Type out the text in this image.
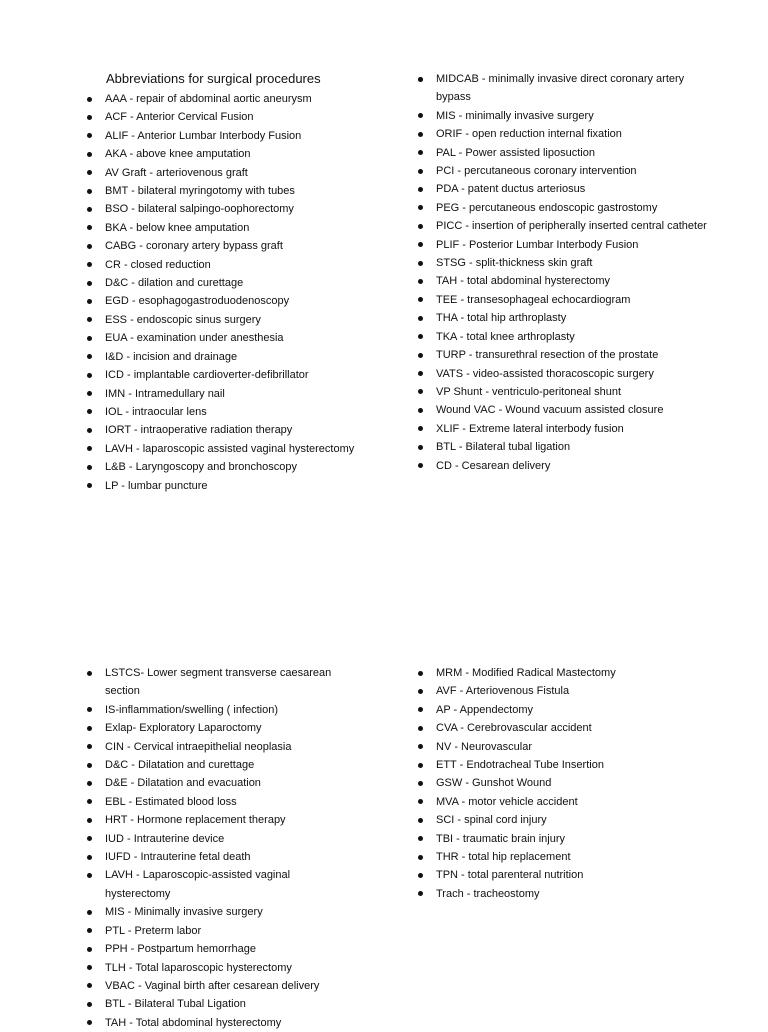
Abbreviations for surgical procedures
AAA - repair of abdominal aortic aneurysm
ACF - Anterior Cervical Fusion
ALIF - Anterior Lumbar Interbody Fusion
AKA - above knee amputation
AV Graft - arteriovenous graft
BMT - bilateral myringotomy with tubes
BSO - bilateral salpingo-oophorectomy
BKA - below knee amputation
CABG - coronary artery bypass graft
CR - closed reduction
D&C - dilation and curettage
EGD - esophagogastroduodenoscopy
ESS - endoscopic sinus surgery
EUA - examination under anesthesia
I&D - incision and drainage
ICD - implantable cardioverter-defibrillator
IMN - Intramedullary nail
IOL - intraocular lens
IORT - intraoperative radiation therapy
LAVH - laparoscopic assisted vaginal hysterectomy
L&B - Laryngoscopy and bronchoscopy
LP - lumbar puncture
MIDCAB - minimally invasive direct coronary artery bypass
MIS - minimally invasive surgery
ORIF - open reduction internal fixation
PAL - Power assisted liposuction
PCI - percutaneous coronary intervention
PDA - patent ductus arteriosus
PEG - percutaneous endoscopic gastrostomy
PICC - insertion of peripherally inserted central catheter
PLIF - Posterior Lumbar Interbody Fusion
STSG - split-thickness skin graft
TAH - total abdominal hysterectomy
TEE - transesophageal echocardiogram
THA - total hip arthroplasty
TKA - total knee arthroplasty
TURP - transurethral resection of the prostate
VATS - video-assisted thoracoscopic surgery
VP Shunt - ventriculo-peritoneal shunt
Wound VAC - Wound vacuum assisted closure
XLIF - Extreme lateral interbody fusion
BTL - Bilateral tubal ligation
CD - Cesarean delivery
LSTCS- Lower segment transverse caesarean section
IS-inflammation/swelling ( infection)
Exlap- Exploratory Laparoctomy
CIN - Cervical intraepithelial neoplasia
D&C - Dilatation and curettage
D&E - Dilatation and evacuation
EBL - Estimated blood loss
HRT - Hormone replacement therapy
IUD - Intrauterine device
IUFD - Intrauterine fetal death
LAVH - Laparoscopic-assisted vaginal hysterectomy
MIS - Minimally invasive surgery
PTL - Preterm labor
PPH - Postpartum hemorrhage
TLH - Total laparoscopic hysterectomy
VBAC - Vaginal birth after cesarean delivery
BTL - Bilateral Tubal Ligation
TAH - Total abdominal hysterectomy
MRM - Modified Radical Mastectomy
AVF - Arteriovenous Fistula
AP - Appendectomy
CVA - Cerebrovascular accident
NV - Neurovascular
ETT - Endotracheal Tube Insertion
GSW - Gunshot Wound
MVA - motor vehicle accident
SCI - spinal cord injury
TBI - traumatic brain injury
THR - total hip replacement
TPN - total parenteral nutrition
Trach - tracheostomy
